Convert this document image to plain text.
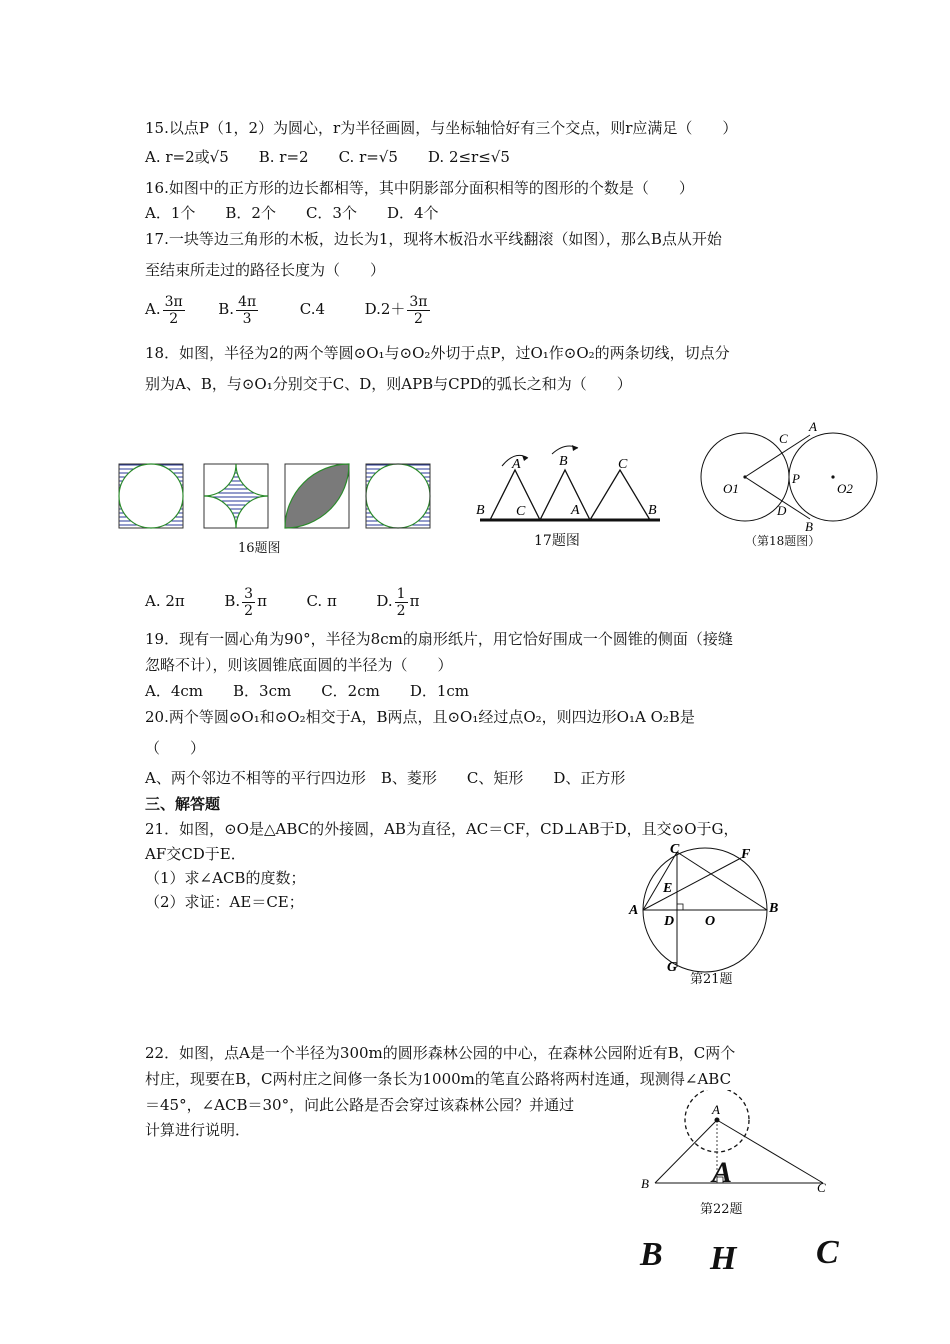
15.以点P（1，2）为圆心，r为半径画圆，与坐标轴恰好有三个交点，则r应满足（　　）
A. r=2或√5　　B. r=2　　C. r=√5　　D. 2≤r≤√5
16.如图中的正方形的边长都相等，其中阴影部分面积相等的图形的个数是（　　）
A．1个　　B．2个　　C．3个　　D．4个
17.一块等边三角形的木板，边长为1，现将木板沿水平线翻滚（如图），那么B点从开始
至结束所走过的路径长度为（　　）
A. $\frac{3\pi}{2} B$. $\frac{4\pi}{3}$	C.4	$D.2+ \frac{3\pi}{2}$
18．如图，半径为2的两个等圆⊙O₁与⊙O₂外切于点P，过O₁作⊙O₂的两条切线，切点分
别为A、B，与⊙O₁分别交于C、D，则APB与CPD的弧长之和为（　　）
16题图
A
B C
B	C
A	B
17题图
A
C
O1
P
O2
D
B
（第18题图）
A. 2π	B. $\frac{3}{2}$ π	C. π	D. $\frac{1}{2}$ π
19．现有一圆心角为90°，半径为8cm的扇形纸片，用它恰好围成一个圆锥的侧面（接缝
忽略不计），则该圆锥底面圆的半径为（　　）
A．4cm　　B．3cm　　C．2cm　　D．1cm
20.两个等圆⊙O₁和⊙O₂相交于A，B两点，且⊙O₁经过点O₂，则四边形O₁A O₂B是
（　　）
A、两个邻边不相等的平行四边形　B、菱形　　C、矩形　　D、正方形
三、解答题
21．如图，⊙O是△ABC的外接圆，AB为直径，AC＝CF，CD⊥AB于D，且交⊙O于G，
AF交CD于E．
（1）求∠ACB的度数；
（2）求证：AE＝CE；
C	F
E
A
D O
B
G
第21题
22．如图，点A是一个半径为300m的圆形森林公园的中心，在森林公园附近有B，C两个
村庄，现要在B，C两村庄之间修一条长为1000m的笔直公路将两村连通，现测得∠ABC
＝45°，∠ACB＝30°，问此公路是否会穿过该森林公园？并通过
计算进行说明．
A
B	C
A
第22题
B H C
